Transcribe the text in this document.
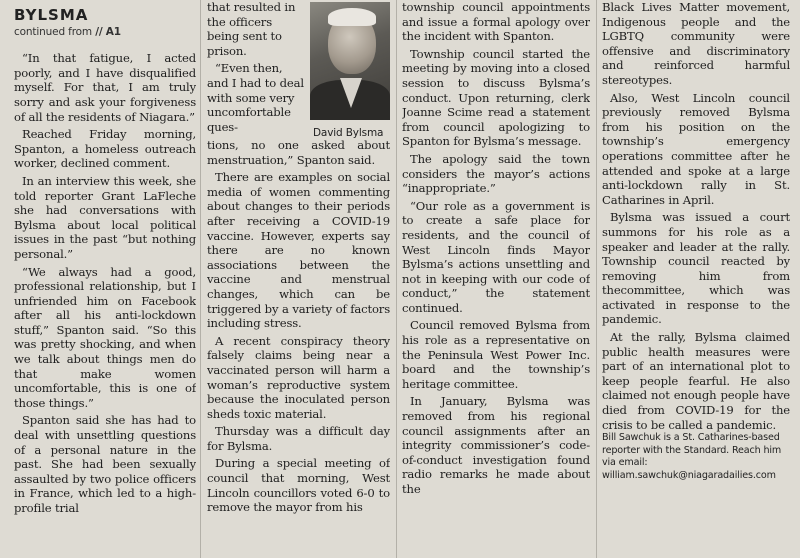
BYLSMA
continued from // A1

“In that fatigue, I acted poorly, and I have disqualified myself. For that, I am truly sorry and ask your forgiveness of all the residents of Niagara.”

Reached Friday morning, Spanton, a homeless outreach worker, declined comment.

In an interview this week, she told reporter Grant LaFleche she had conversations with Bylsma about local political issues in the past “but nothing personal.”

“We always had a good, professional relationship, but I unfriended him on Facebook after all his anti-lockdown stuff,” Spanton said. “So this was pretty shocking, and when we talk about things men do that make women uncomfortable, this is one of those things.”

Spanton said she has had to deal with unsettling questions of a personal nature in the past. She had been sexually assaulted by two police officers in France, which led to a high-profile trial

that resulted in the officers being sent to prison.

“Even then, and I had to deal with some very uncomfortable ques-	David Bylsma

tions, no one asked about menstruation,” Spanton said.

There are examples on social media of women commenting about changes to their periods after receiving a COVID-19 vaccine. However, experts say there are no known associations between the vaccine and menstrual changes, which can be triggered by a variety of factors including stress.

A recent conspiracy theory falsely claims being near a vaccinated person will harm a woman’s reproductive system because the inoculated person sheds toxic material.

Thursday was a difficult day for Bylsma.

During a special meeting of council that morning, West Lincoln councillors voted 6-0 to remove the mayor from his

township council appointments and issue a formal apology over the incident with Spanton.

Township council started the meeting by moving into a closed session to discuss Bylsma’s conduct. Upon returning, clerk Joanne Scime read a statement from council apologizing to Spanton for Bylsma’s message.

The apology said the town considers the mayor’s actions “inappropriate.”

“Our role as a government is to create a safe place for residents, and the council of West Lincoln finds Mayor Bylsma’s actions unsettling and not in keeping with our code of conduct,” the statement continued.

Council removed Bylsma from his role as a representative on the Peninsula West Power Inc. board and the township’s heritage committee.

In January, Bylsma was removed from his regional council assignments after an integrity commissioner’s code-of-conduct investigation found radio remarks he made about the

Black Lives Matter movement, Indigenous people and the LGBTQ community were offensive and discriminatory and reinforced harmful stereotypes.

Also, West Lincoln council previously removed Bylsma from his position on the township’s emergency operations committee after he attended and spoke at a large anti-lockdown rally in St. Catharines in April.

Bylsma was issued a court summons for his role as a speaker and leader at the rally. Township council reacted by removing him from thecommittee, which was activated in response to the pandemic.

At the rally, Bylsma claimed public health measures were part of an international plot to keep people fearful. He also claimed not enough people have died from COVID-19 for the crisis to be called a pandemic.

Bill Sawchuk is a St. Catharines-based reporter with the Standard. Reach him via email: william.sawchuk@niagaradailies.com
